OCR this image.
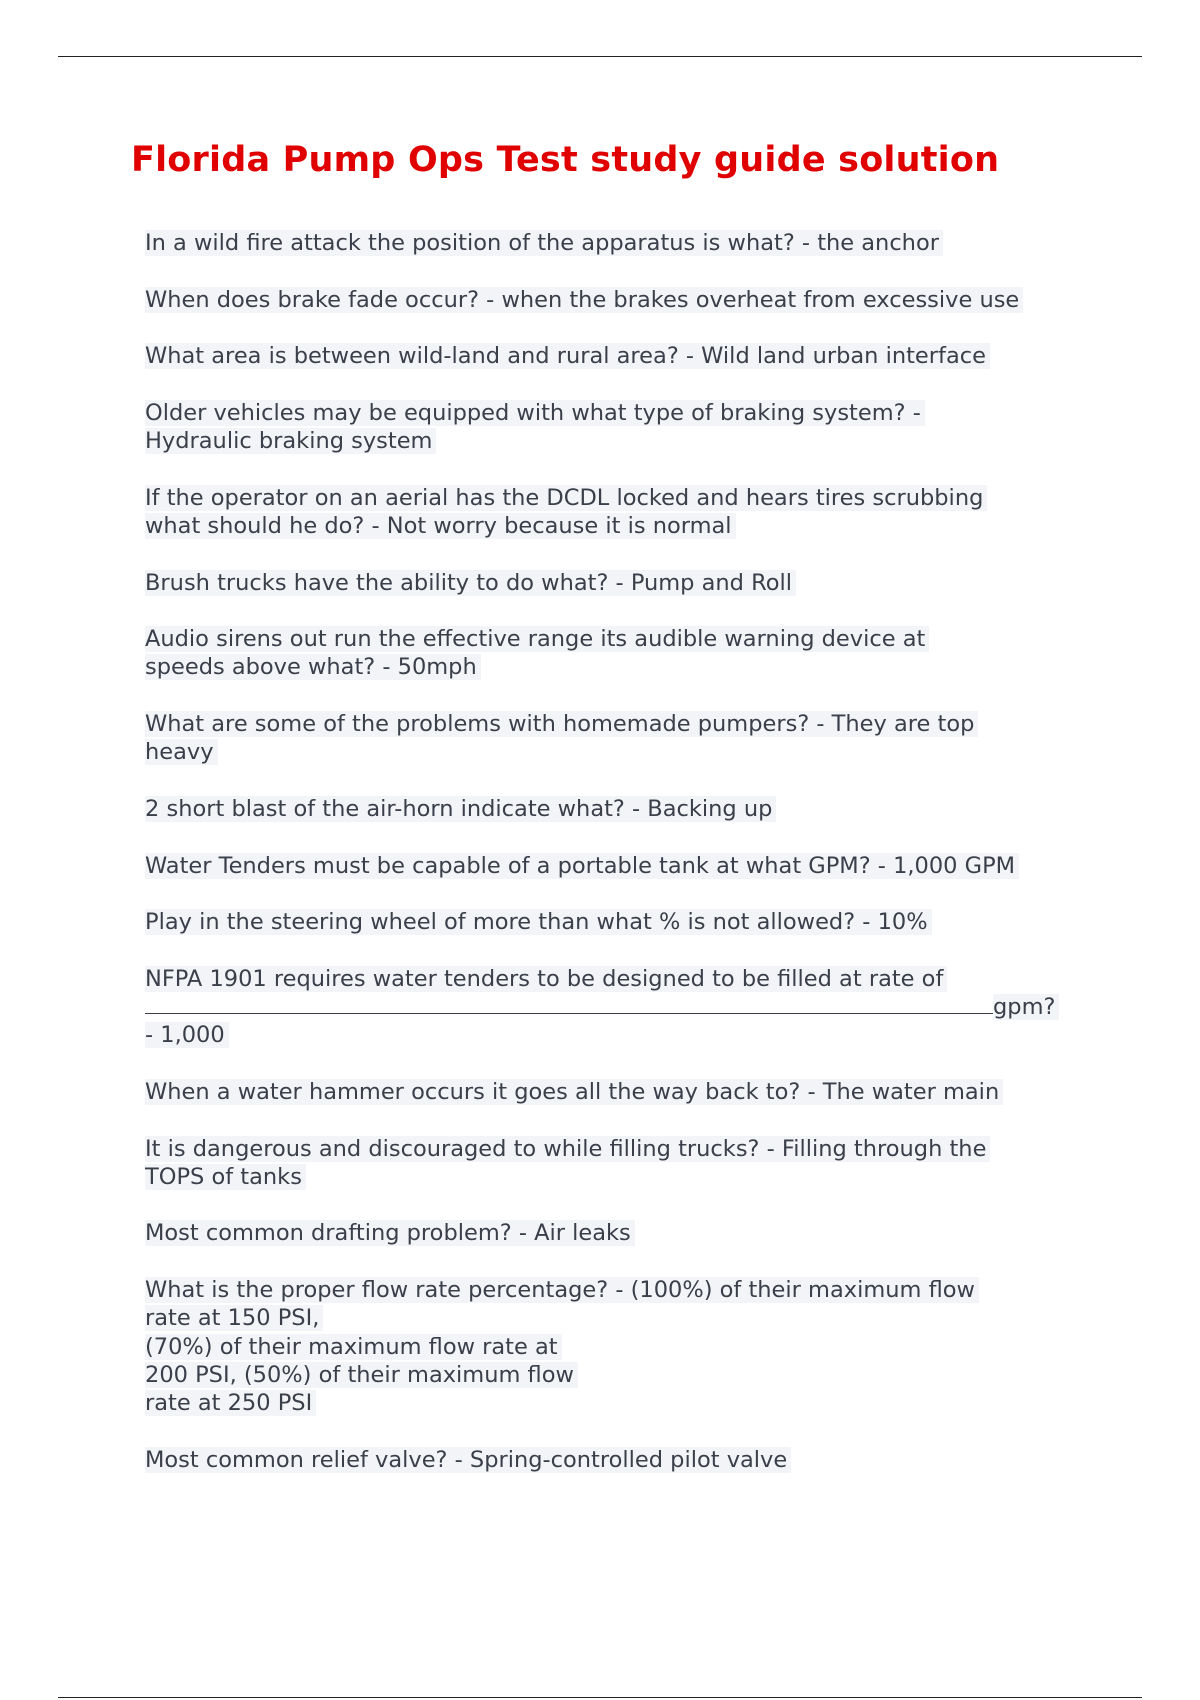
Florida Pump Ops Test study guide solution
In a wild fire attack the position of the apparatus is what? - the anchor
When does brake fade occur? - when the brakes overheat from excessive use
What area is between wild-land and rural area? - Wild land urban interface
Older vehicles may be equipped with what type of braking system? -
Hydraulic braking system
If the operator on an aerial has the DCDL locked and hears tires scrubbing
what should he do? - Not worry because it is normal
Brush trucks have the ability to do what? - Pump and Roll
Audio sirens out run the effective range its audible warning device at
speeds above what? - 50mph
What are some of the problems with homemade pumpers? - They are top
heavy
2 short blast of the air-horn indicate what? - Backing up
Water Tenders must be capable of a portable tank at what GPM? - 1,000 GPM
Play in the steering wheel of more than what % is not allowed? - 10%
NFPA 1901 requires water tenders to be designed to be filled at rate of
gpm?
- 1,000
When a water hammer occurs it goes all the way back to? - The water main
It is dangerous and discouraged to while filling trucks? - Filling through the
TOPS of tanks
Most common drafting problem? - Air leaks
What is the proper flow rate percentage? - (100%) of their maximum flow
rate at 150 PSI,
(70%) of their maximum flow rate at
200 PSI, (50%) of their maximum flow
rate at 250 PSI
Most common relief valve? - Spring-controlled pilot valve
